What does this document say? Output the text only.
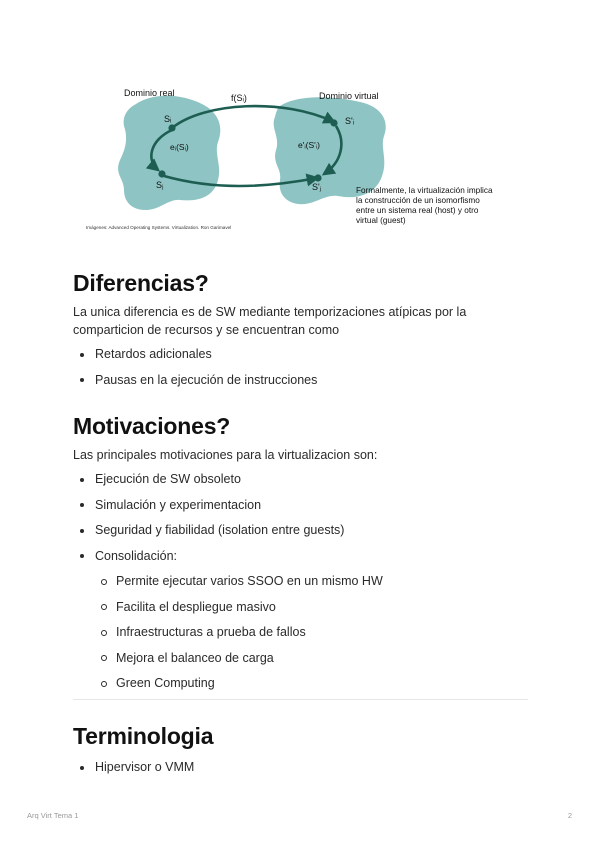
Dominio real	Dominio virtual
f(Sᵢ)
Sᵢ
eᵢ(Sᵢ)
Sⱼ
S'ᵢ
e'ᵢ(S'ᵢ)
S'ⱼ	Formalmente, la virtualización implica la construcción de un isomorfismo entre un sistema real (host) y otro virtual (guest)
Imágenes: Advanced Operating Systems. Virtualization. Ron Garimavel
Diferencias?

La unica diferencia es de SW mediante temporizaciones atípicas por la

comparticion de recursos y se encuentran como

Retardos adicionales
Pausas en la ejecución de instrucciones
Motivaciones?

Las principales motivaciones para la virtualizacion son:

Ejecución de SW obsoleto
Simulación y experimentacion
Seguridad y fiabilidad (isolation entre guests)
Consolidación:
Permite ejecutar varios SSOO en un mismo HW
Facilita el despliegue masivo
Infraestructuras a prueba de fallos
Mejora el balanceo de carga
Green Computing
Terminologia
Hipervisor o VMM
Arq Virt Tema 1	2
